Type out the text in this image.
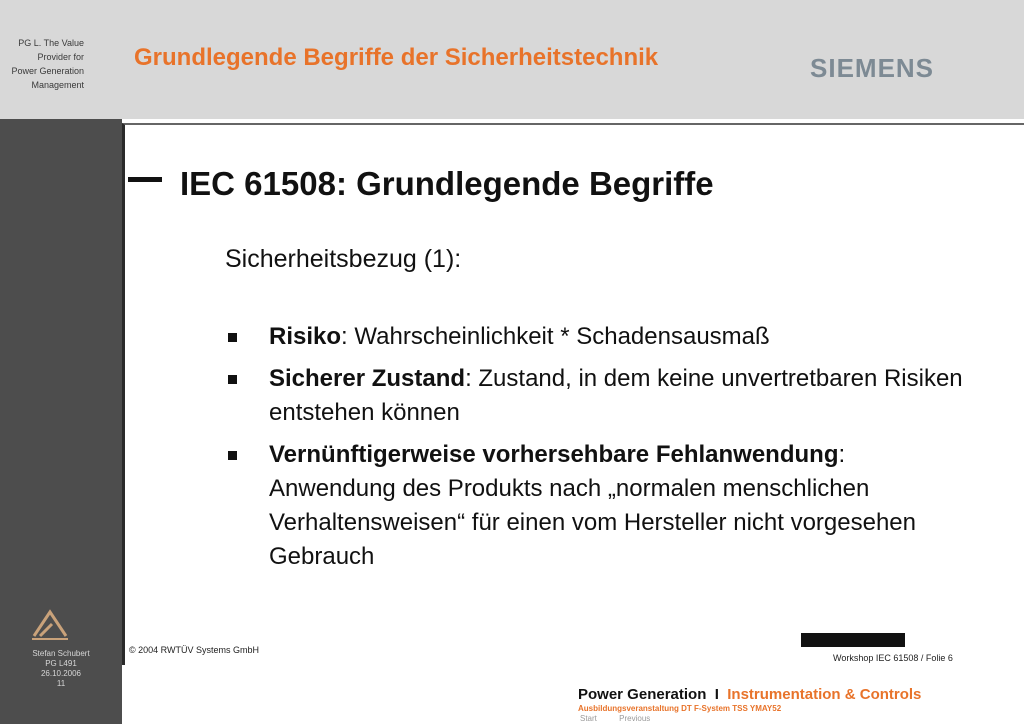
PG L. The Value
Provider for
Power Generation
Management
Grundlegende Begriffe der Sicherheitstechnik	SIEMENS
Stefan Schubert
PG L491
26.10.2006
11
IEC 61508: Grundlegende Begriffe
Sicherheitsbezug (1):
Risiko: Wahrscheinlichkeit * Schadensausmaß
Sicherer Zustand: Zustand, in dem keine unvertretbaren Risiken entstehen können
Vernünftigerweise vorhersehbare Fehlanwendung: Anwendung des Produkts nach „normalen menschlichen Verhaltensweisen“ für einen vom Hersteller nicht vorgesehen Gebrauch
© 2004 RWTÜV Systems GmbH
Workshop IEC 61508 / Folie 6
Power Generation I Instrumentation & Controls
Ausbildungsveranstaltung DT F-System TSS YMAY52
Start	Previous
